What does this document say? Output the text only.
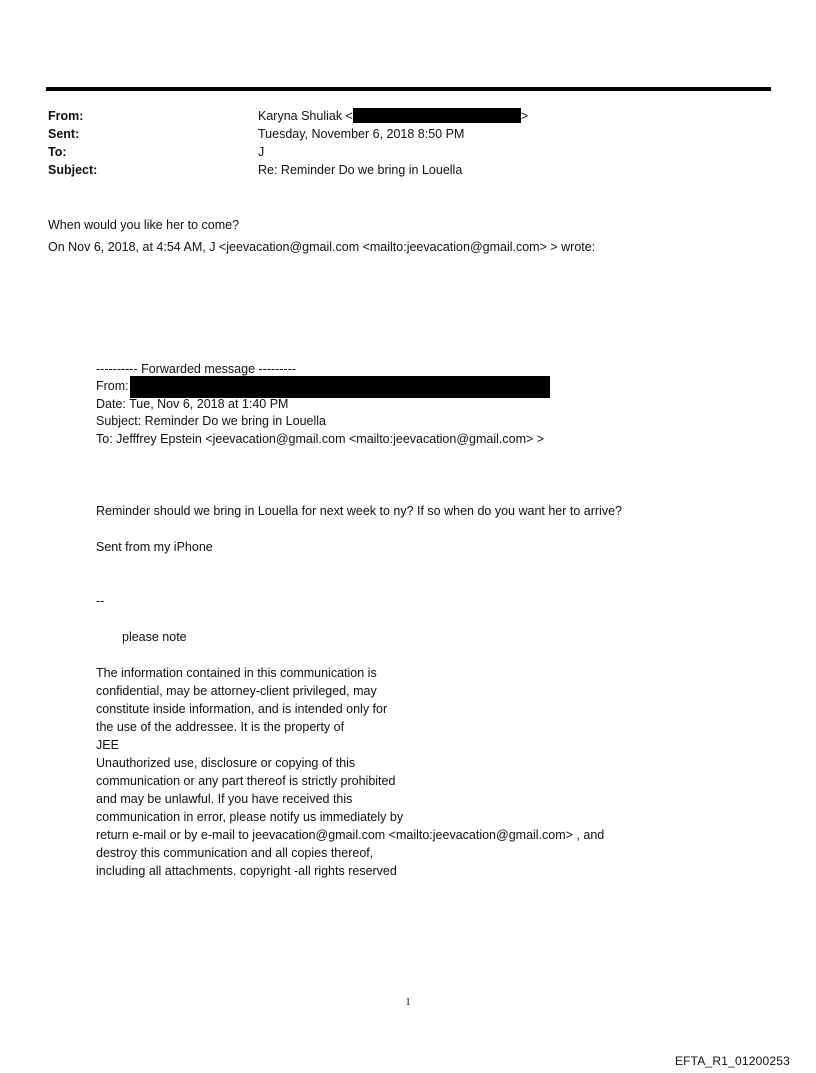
From:	Karyna Shuliak <	>
Sent:	Tuesday, November 6, 2018 8:50 PM
To:	J
Subject:	Re: Reminder Do we bring in Louella
When would you like her to come?
On Nov 6, 2018, at 4:54 AM, J <jeevacation@gmail.com <mailto:jeevacation@gmail.com> > wrote:
---------- Forwarded message ---------
From:
Date: Tue, Nov 6, 2018 at 1:40 PM
Subject: Reminder Do we bring in Louella
To: Jefffrey Epstein <jeevacation@gmail.com <mailto:jeevacation@gmail.com> >
Reminder should we bring in Louella for next week to ny? If so when do you want her to arrive?
Sent from my iPhone
--
please note
The information contained in this communication is
confidential, may be attorney-client privileged, may
constitute inside information, and is intended only for
the use of the addressee. It is the property of
JEE
Unauthorized use, disclosure or copying of this
communication or any part thereof is strictly prohibited
and may be unlawful. If you have received this
communication in error, please notify us immediately by
return e-mail or by e-mail to jeevacation@gmail.com <mailto:jeevacation@gmail.com> , and
destroy this communication and all copies thereof,
including all attachments. copyright -all rights reserved
1
EFTA_R1_01200253
